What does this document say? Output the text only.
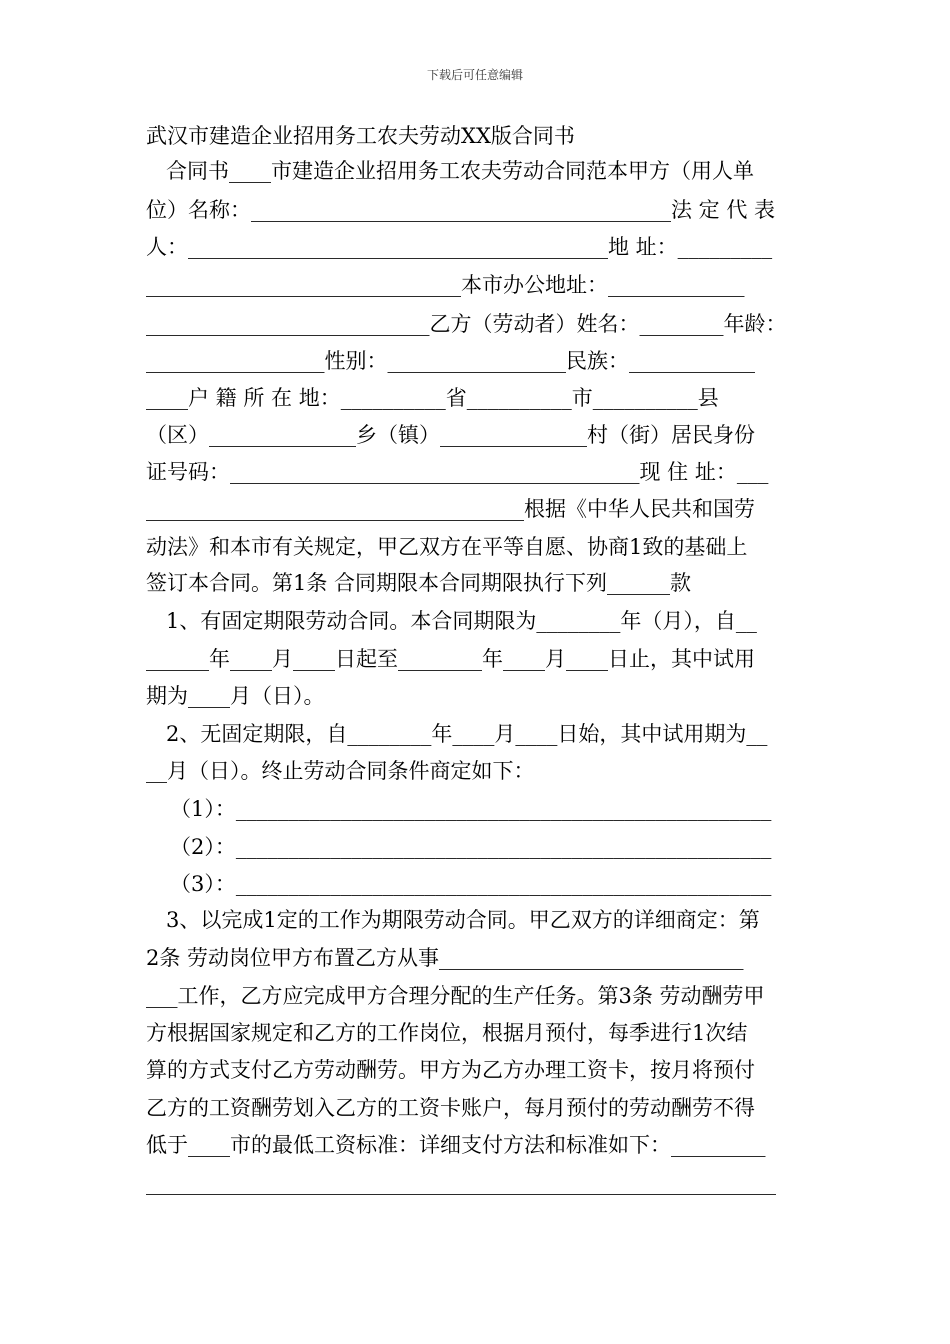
下载后可任意编辑
武汉市建造企业招用务工农夫劳动XX版合同书
合同书____市建造企业招用务工农夫劳动合同范本甲方（用人单
位）名称：________________________________________法 定 代 表
人：________________________________________地 址：_________
______________________________本市办公地址：_____________
___________________________乙方（劳动者）姓名：________年龄：
_________________性别：_________________民族：____________
____户 籍 所 在 地：__________省__________市__________县
（区）______________乡（镇）______________村（街）居民身份
证号码：_______________________________________现 住 址：___
____________________________________根据《中华人民共和国劳
动法》和本市有关规定，甲乙双方在平等自愿、协商1致的基础上
签订本合同。第1条 合同期限本合同期限执行下列______款
1、有固定期限劳动合同。本合同期限为________年（月），自__
______年____月____日起至________年____月____日止，其中试用
期为____月（日）。
2、无固定期限，自________年____月____日始，其中试用期为__
__月（日）。终止劳动合同条件商定如下：
（1）：___________________________________________________
（2）：___________________________________________________
（3）：___________________________________________________
3、以完成1定的工作为期限劳动合同。甲乙双方的详细商定：第
2条 劳动岗位甲方布置乙方从事_____________________________
___工作，乙方应完成甲方合理分配的生产任务。第3条 劳动酬劳甲
方根据国家规定和乙方的工作岗位，根据月预付，每季进行1次结
算的方式支付乙方劳动酬劳。甲方为乙方办理工资卡，按月将预付
乙方的工资酬劳划入乙方的工资卡账户，每月预付的劳动酬劳不得
低于____市的最低工资标准：详细支付方法和标准如下：_________
____________________________________________________________
